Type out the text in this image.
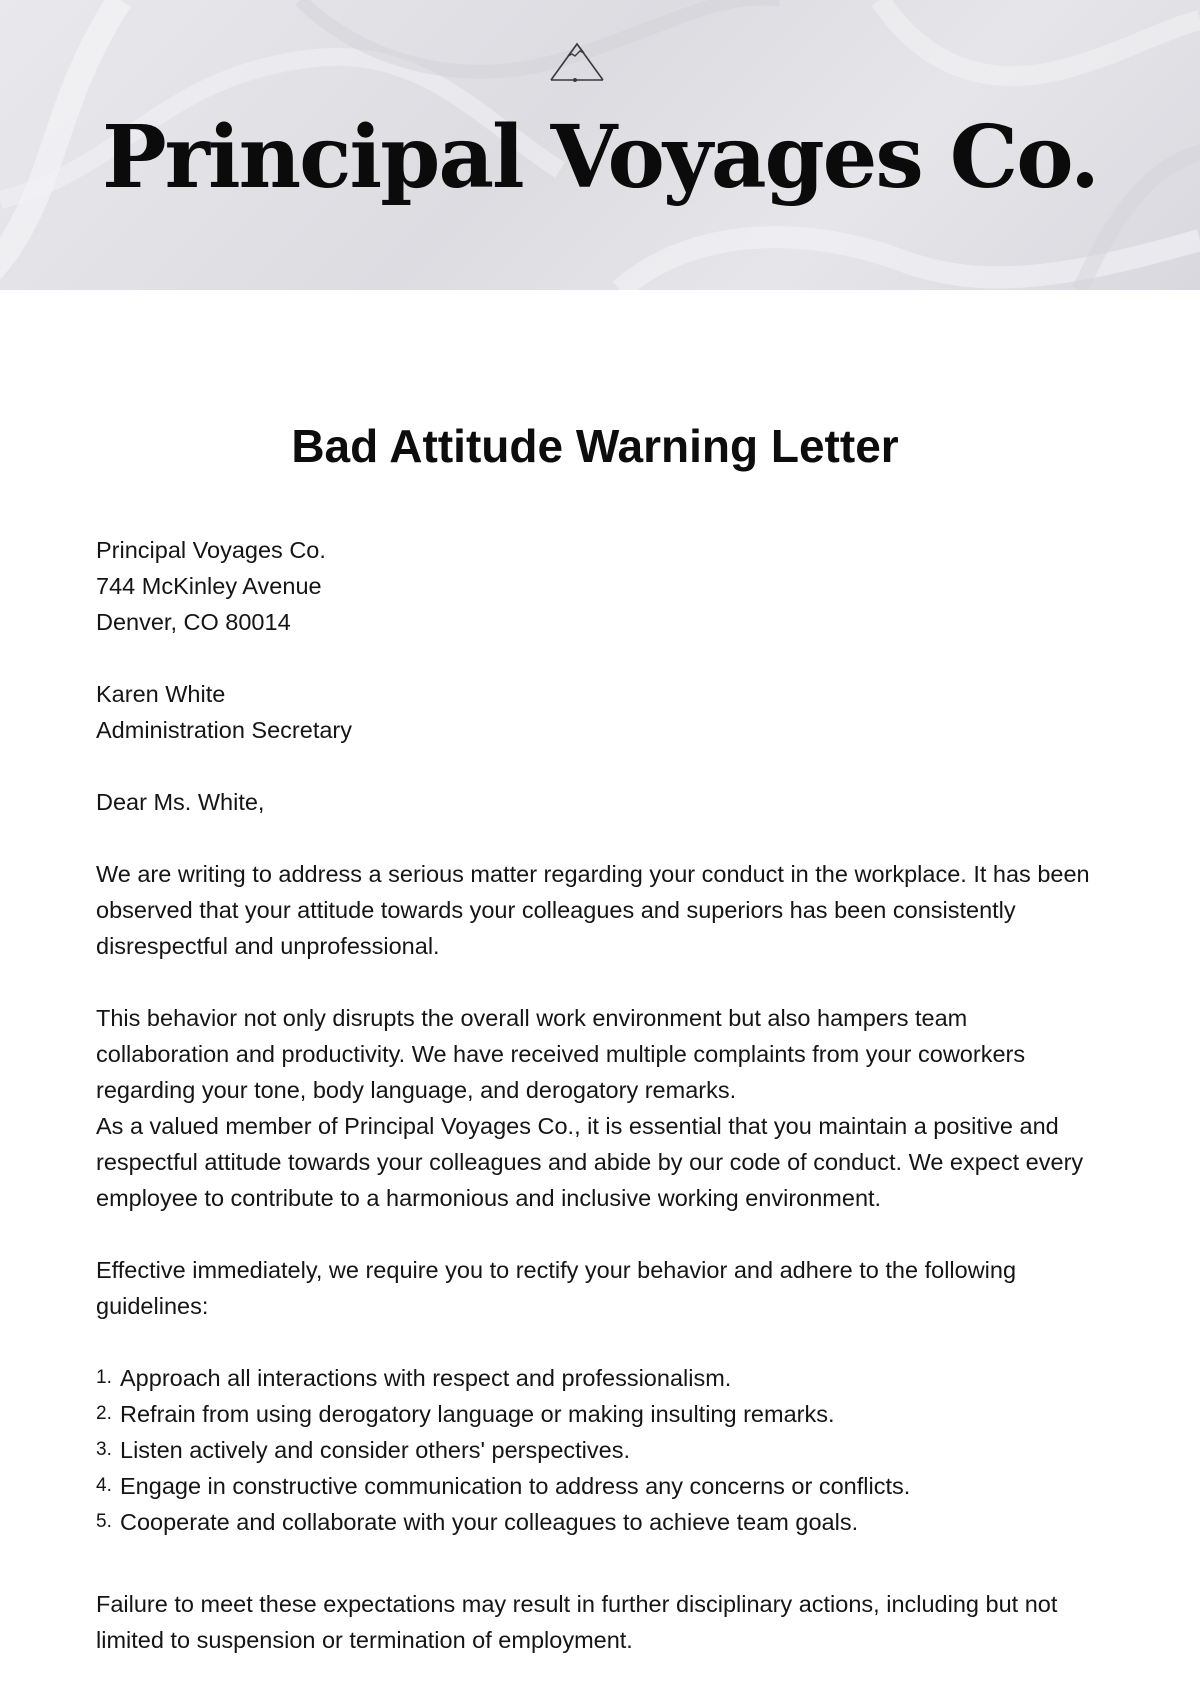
Principal Voyages Co.
Bad Attitude Warning Letter

Principal Voyages Co.

744 McKinley Avenue

Denver, CO 80014

Karen White

Administration Secretary

Dear Ms. White,

We are writing to address a serious matter regarding your conduct in the workplace. It has been observed that your attitude towards your colleagues and superiors has been consistently disrespectful and unprofessional.

This behavior not only disrupts the overall work environment but also hampers team collaboration and productivity. We have received multiple complaints from your coworkers regarding your tone, body language, and derogatory remarks.

As a valued member of Principal Voyages Co., it is essential that you maintain a positive and respectful attitude towards your colleagues and abide by our code of conduct. We expect every employee to contribute to a harmonious and inclusive working environment.

Effective immediately, we require you to rectify your behavior and adhere to the following guidelines:

1. Approach all interactions with respect and professionalism.
2. Refrain from using derogatory language or making insulting remarks.
3. Listen actively and consider others' perspectives.
4. Engage in constructive communication to address any concerns or conflicts.
5. Cooperate and collaborate with your colleagues to achieve team goals.

Failure to meet these expectations may result in further disciplinary actions, including but not limited to suspension or termination of employment.
